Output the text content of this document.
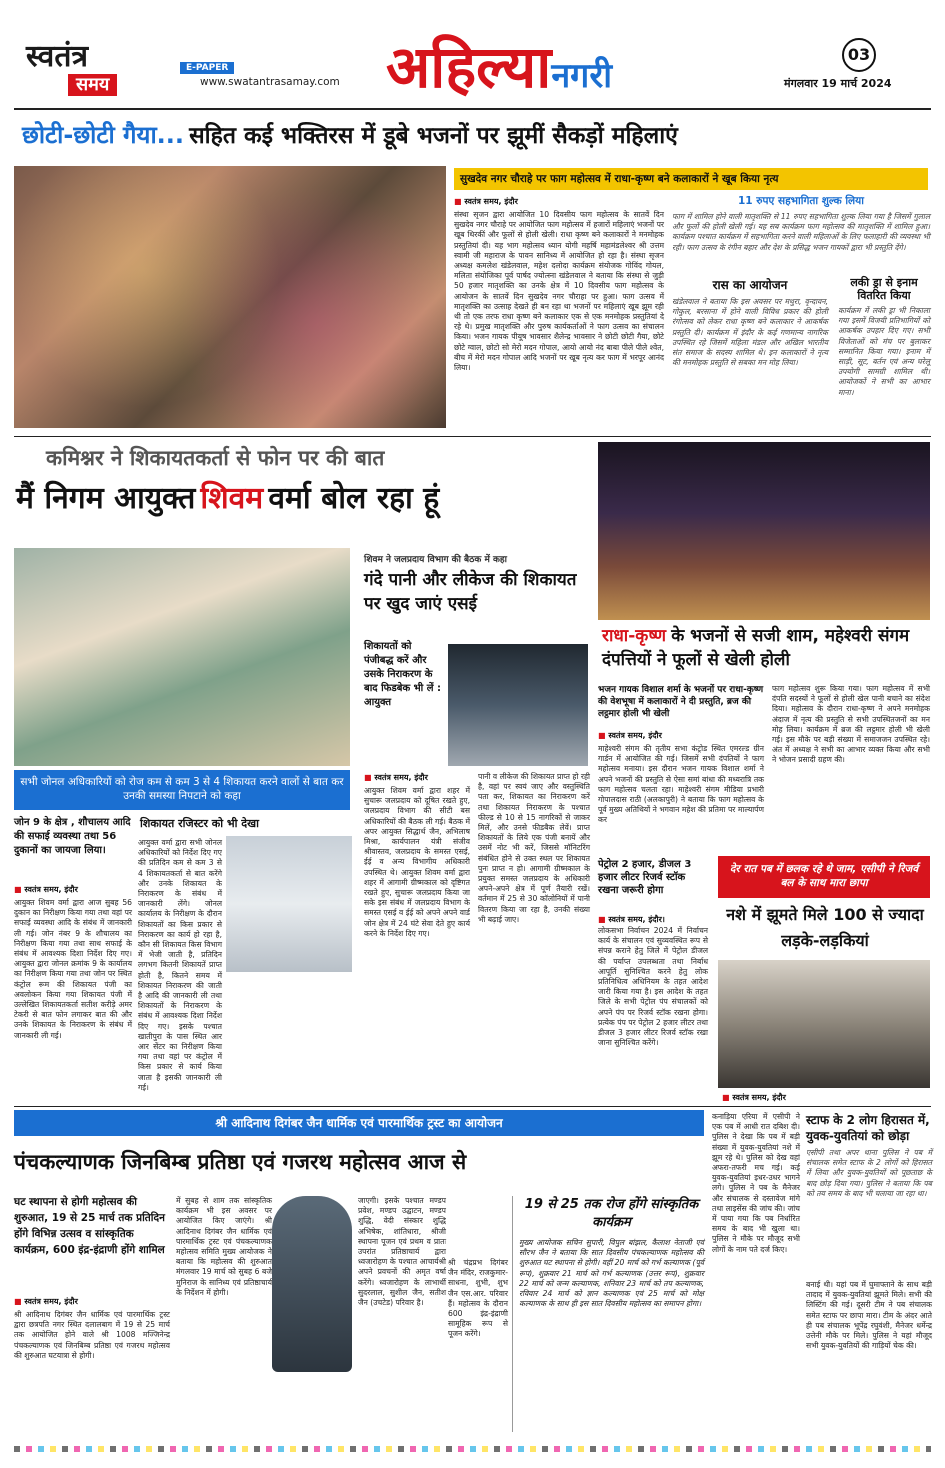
स्वतंत्र
समय
E-PAPER
www.swatantrasamay.com अहिल्यानगरी
03
मंगलवार 19 मार्च 2024
छोटी-छोटी गैया... सहित कई भक्तिरस में डूबे भजनों पर झूमीं सैकड़ों महिलाएं
सुखदेव नगर चौराहे पर फाग महोत्सव में राधा-कृष्ण बने कलाकारों ने खूब किया नृत्य
■ स्वतंत्र समय, इंदौर
संस्था सृजन द्वारा आयोजित 10 दिवसीय फाग महोत्सव के सातवें दिन सुखदेव नगर चौराहे पर आयोजित फाग महोत्सव में हजारों महिलाएं भजनों पर खूब थिरकीं और फूलों से होली खेली। राधा कृष्ण बने कलाकारों ने मनमोहक प्रस्तुतियां दी। यह भाग महोत्सव ध्यान योगी महर्षि महामंडलेश्वर श्री उत्तम स्वामी जी महाराज के पावन सानिध्य में आयोजित हो रहा है। संस्था सृजन अध्यक्ष कमलेश खंडेलवाल, महेश दलोदा कार्यक्रम संयोजक गोविंद गोयल, मलिता संयोजिका पूर्व पार्षद ज्योत्स्ना खंडेलवाल ने बताया कि संस्था से जुड़ी 50 हजार मातृशक्ति का उनके क्षेत्र में 10 दिवसीय फाग महोत्सव के आयोजन के सातवें दिन सुखदेव नगर चौराहा पर हुआ। फाग उत्सव में मातृशक्ति का उत्साह देखते ही बन रहा था भजनों पर महिलाएं खूब झूम रही थी तो एक तरफ राधा कृष्ण बने कलाकार एक से एक मनमोहक प्रस्तुतियां दे रहे थे। प्रमुख मातृशक्ति और पुरुष कार्यकर्ताओं ने फाग उत्सव का संचालन किया। भजन गायक पीयूष भावसार शैलेन्द्र भावसार ने छोटी छोटी गैया, छोटे छोटे ग्वाल, छोटो सो मेरो मदन गोपाल, आयो आयो नंद बाबा पीले पीले श्वेत, बीच में मेरो मदन गोपाल आदि भजनों पर खूब नृत्य कर फाग में भरपूर आनंद लिया।
11 रुपए सहभागिता शुल्क लिया
फाग में शामिल होने वाली मातृशक्ति से 11 रुपए सहभागिता शुल्क लिया गया है जिसमें गुलाल और फूलों की होली खेली गई। यह सब कार्यक्रम फाग महोत्सव की मातृशक्ति में शामिल हुआ। कार्यक्रम पश्चात कार्यक्रम में सहभागिता करने वाली महिलाओं के लिए फलाहारी की व्यवस्था भी रही। फाग उत्सव के रंगीन बहार और देश के प्रसिद्ध भजन गायकों द्वारा भी प्रस्तुति देंगे।
रास का आयोजन
खंडेलवाल ने बताया कि इस अवसर पर मथुरा, वृन्दावन, गोकुल, बरसाना में होने वाली विविध प्रकार की होली रंगोत्सव को लेकर राधा कृष्ण बने कलाकार ने आकर्षक प्रस्तुति दी। कार्यक्रम में इंदौर के कई गणमान्य नागरिक उपस्थित रहे जिसमें महिला मंडल और अखिल भारतीय संत समाज के सदस्य शामिल थे। इन कलाकारों ने नृत्य की मनमोहक प्रस्तुति से सबका मन मोह लिया।
लकी ड्रा से इनाम वितरित किया
कार्यक्रम में लकी ड्रा भी निकाला गया इसमें विजयी प्रतिभागियों को आकर्षक उपहार दिए गए। सभी विजेताओं को मंच पर बुलाकर सम्मानित किया गया। इनाम में साड़ी, सूट, बर्तन एवं अन्य घरेलू उपयोगी सामग्री शामिल थी। आयोजकों ने सभी का आभार माना।
कमिश्नर ने शिकायतकर्ता से फोन पर की बात
मैं निगम आयुक्त शिवम वर्मा बोल रहा हूं
शिवम ने जलप्रदाय विभाग की बैठक में कहा
गंदे पानी और लीकेज की शिकायत पर खुद जाएं एसई
शिकायतों को पंजीबद्ध करें और उसके निराकरण के बाद फिडबेक भी लें : आयुक्त
सभी जोनल अधिकारियों को रोज कम से कम 3 से 4 शिकायत करने वालों से बात कर उनकी समस्या निपटाने को कहा
जोन 9 के क्षेत्र , शौचालय आदि की सफाई व्यवस्था तथा 56 दुकानों का जायजा लिया।
शिकायत रजिस्टर को भी देखा
■ स्वतंत्र समय, इंदौर
आयुक्त शिवम वर्मा द्वारा आज सुबह 56 दुकान का निरीक्षण किया गया तथा वहां पर सफाई व्यवस्था आदि के संबंध में जानकारी ली गई। जोन नंबर 9 के शौचालय का निरीक्षण किया गया तथा साथ सफाई के संबंध में आवश्यक दिशा निर्देश दिए गए। आयुक्त द्वारा जोनल क्रमांक 9 के कार्यालय का निरीक्षण किया गया तथा जोन पर स्थित कंट्रोल रूम की शिकायत पंजी का अवलोकन किया गया शिकायत पंजी में उल्लेखित शिकायतकर्ता सतीश करीड़े अमर टेकरी से बात फोन लगाकर बात की और उनके शिकायत के निराकरण के संबंध में जानकारी ली गई।
आयुक्त वर्मा द्वारा सभी जोनल अधिकारियों को निर्देश दिए गए की प्रतिदिन कम से कम 3 से 4 शिकायतकर्ता से बात करेंगे और उनके शिकायत के निराकरण के संबंध में जानकारी लेंगे। जोनल कार्यालय के निरीक्षण के दौरान शिकायतों का किस प्रकार से निराकरण का कार्य हो रहा है, कौन सी शिकायत किस विभाग में भेजी जाती है, प्रतिदिन लगभग कितनी शिकायतें प्राप्त होती है, कितने समय में शिकायत निराकरण की जाती है आदि की जानकारी ली तथा शिकायतों के निराकरण के संबंध में आवश्यक दिशा निर्देश दिए गए। इसके पश्चात खातीपुरा के पास स्थित आर आर सेंटर का निरीक्षण किया गया तथा वहां पर कंट्रोल में किस प्रकार से कार्य किया जाता है इसकी जानकारी ली गई।
■ स्वतंत्र समय, इंदौर
आयुक्त शिवम वर्मा द्वारा शहर में सुचारू जलप्रदाय को दूषित रखते हुए, जलप्रदाय विभाग की सीटी बस अधिकारियों की बैठक ली गई। बैठक में अपर आयुक्त सिद्धार्थ जैन, अभिलाष मिश्रा, कार्यपालन यंत्री संजीव श्रीवास्तव, जलप्रदाय के समस्त एसई, ईई व अन्य विभागीय अधिकारी उपस्थित थे। आयुक्त शिवम वर्मा द्वारा शहर में आगामी ग्रीष्मकाल को दृष्टिगत रखते हुए, सुचारू जलप्रदाय किया जा सके इस संबंध में जलप्रदाय विभाग के समस्त एसई व ईई को अपने अपने वार्ड जोन क्षेत्र में 24 घंटे सेवा देते हुए कार्य करने के निर्देश दिए गए।
पानी व लीकेज की शिकायत प्राप्त हो रही है, वहां पर स्वयं जाए और वस्तुस्थिति पता कर, शिकायत का निराकरण करें तथा शिकायत निराकरण के पश्चात फील्ड से 10 से 15 नागरिकों से जाकर मिलें, और उनसे फीडबैक लेवें। प्राप्त शिकायतों के लिये एक पंजी बनायें और उसमें नोट भी करें, जिससे मॉनिटरिंग संबंधित होने से उक्त स्थल पर शिकायत पुनः प्राप्त न हो। आगामी ग्रीष्मकाल के प्रयुक्त समस्त जलप्रदाय के अधिकारी अपने-अपने क्षेत्र में पूर्ण तैयारी रखें। वर्तमान में 25 से 30 कॉलोनियों में पानी वितरण किया जा रहा है, उनकी संख्या भी बढ़ाई जाए।
राधा-कृष्ण के भजनों से सजी शाम, महेश्वरी संगम दंपत्तियों ने फूलों से खेली होली
भजन गायक विशाल शर्मा के भजनों पर राधा-कृष्ण की वेशभूषा में कलाकारों ने दी प्रस्तुति, ब्रज की लट्ठमार होली भी खेली
■ स्वतंत्र समय, इंदौर
माहेश्वरी संगम की तृतीय सभा कंट्रोड स्थित एमरल्ड ग्रीन गार्डन में आयोजित की गई। जिसमें सभी दंपतियों ने फाग महोत्सव मनाया। इस दौरान भजन गायक विशाल शर्मा ने अपने भजनों की प्रस्तुति से ऐसा समां बांधा की मध्यरात्रि तक फाग महोत्सव चलता रहा। माहेश्वरी संगम मीडिया प्रभारी गोपालदास राठी (अलकापुरी) ने बताया कि फाग महोत्सव के पूर्व मुख्य अतिथियों ने भगवान महेश की प्रतिमा पर माल्यार्पण कर
फाग महोत्सव शुरू किया गया। फाग महोत्सव में सभी दंपति सदस्यों ने फूलों से होली खेल पानी बचाने का संदेश दिया। महोत्सव के दौरान राधा-कृष्ण ने अपने मनमोहक अंदाज में नृत्य की प्रस्तुति से सभी उपस्थितजनों का मन मोह लिया। कार्यक्रम में ब्रज की लट्ठमार होली भी खेली गई। इस मौके पर बड़ी संख्या में समाजजन उपस्थित रहे। अंत में अध्यक्ष ने सभी का आभार व्यक्त किया और सभी ने भोजन प्रसादी ग्रहण की।
पेट्रोल 2 हजार, डीजल 3 हजार लीटर रिजर्व स्टॉक रखना जरूरी होगा
■ स्वतंत्र समय, इंदौर।
लोकसभा निर्वाचन 2024 में निर्वाचन कार्य के संचालन एवं सुव्यवस्थित रूप से संपन्न कराने हेतु जिले में पेट्रोल डीजल की पर्याप्त उपलब्धता तथा निर्बाध आपूर्ति सुनिश्चित करने हेतु लोक प्रतिनिधित्व अधिनियम के तहत आदेश जारी किया गया है। इस आदेश के तहत जिले के सभी पेट्रोल पंप संचालकों को अपने पंप पर रिजर्व स्टॉक रखना होगा। प्रत्येक पंप पर पेट्रोल 2 हजार लीटर तथा डीजल 3 हजार लीटर रिजर्व स्टॉक रखा जाना सुनिश्चित करेंगे।
देर रात पब में छलक रहे थे जाम, एसीपी ने रिजर्व बल के साथ मारा छापा
नशे में झूमते मिले 100 से ज्यादा लड़के-लड़कियां
■ स्वतंत्र समय, इंदौर
श्री आदिनाथ दिगंबर जैन धार्मिक एवं पारमार्थिक ट्रस्ट का आयोजन
पंचकल्याणक जिनबिम्ब प्रतिष्ठा एवं गजरथ महोत्सव आज से
घट स्थापना से होगी महोत्सव की शुरुआत, 19 से 25 मार्च तक प्रतिदिन होंगे विभिन्न उत्सव व सांस्कृतिक कार्यक्रम, 600 इंद्र-इंद्राणी होंगे शामिल
■ स्वतंत्र समय, इंदौर
श्री आदिनाथ दिगंबर जैन धार्मिक एवं पारमार्थिक ट्रस्ट द्वारा छत्रपति नगर स्थित दलालबाग में 19 से 25 मार्च तक आयोजित होने वाले श्री 1008 मज्जिनेन्द्र पंचकल्याणक एवं जिनबिम्ब प्रतिष्ठा एवं गजरथ महोत्सव की शुरुआत घटयात्रा से होगी।
में सुबह से शाम तक सांस्कृतिक कार्यक्रम भी इस अवसर पर आयोजित किए जाएंगे। श्री आदिनाथ दिगंबर जैन धार्मिक एवं पारमार्थिक ट्रस्ट एवं पंचकल्याणक महोत्सव समिति मुख्य आयोजक ने बताया कि महोत्सव की शुरुआत मंगलवार 19 मार्च को सुबह 6 बजे मुनिराज के सानिध्य एवं प्रतिष्ठाचार्य के निर्देशन में होगी।
जाएगी। इसके पश्चात मण्डप प्रवेश, मण्डप उद्घाटन, मण्डप शुद्धि, वेदी संस्कार शुद्धि अभिषेक, शांतिधारा, श्रीजी स्थापना पूजन एवं प्रथम व प्रातः उपरांत प्रतिष्ठाचार्य द्वारा ध्वजारोहण के पश्चात आचार्यश्री अपने प्रवचनों की अमृत वर्षा करेंगे। ध्वजारोहण के लाभार्थी सुदरलाल, सुशील जैन, सतीश जैन (उचटेड) परिवार है।
श्री चंद्रप्रभ दिगंबर जैन मंदिर, राजकुमार-साधना, शुभी, शुभ जैन एस.आर. परिवार हैं। महोत्सव के दौरान 600 इंद्र-इंद्राणी सामूहिक रूप से पूजन करेंगे।
19 से 25 तक रोज होंगे सांस्कृतिक कार्यक्रम
मुख्य आयोजक सचिन सुपारी, विपुल बांझल, कैलाश नेताजी एवं सौरभ जैन ने बताया कि सात दिवसीय पंचकल्याणक महोत्सव की शुरुआत घट स्थापना से होगी। वहीं 20 मार्च को गर्भ कल्याणक (पूर्व रूप), शुक्रवार 21 मार्च को गर्भ कल्याणक (उत्तर रूप), शुक्रवार 22 मार्च को जन्म कल्याणक, शनिवार 23 मार्च को तप कल्याणक, रविवार 24 मार्च को ज्ञान कल्याणक एवं 25 मार्च को मोक्ष कल्याणक के साथ ही इस सात दिवसीय महोत्सव का समापन होगा।
कनाड़िया एरिया में एसीपी ने एक पब में आधी रात दबिश दी। पुलिस ने देखा कि पब में बड़ी संख्या में युवक-युवतियां नशे में झूम रहे थे। पुलिस को देख वहां अफरा-तफरी मच गई। कई युवक-युवतियां इधर-उधर भागने लगे। पुलिस ने पब के मैनेजर और संचालक से दस्तावेज मांगे तथा लाइसेंस की जांच की। जांच में पाया गया कि पब निर्धारित समय के बाद भी खुला था। पुलिस ने मौके पर मौजूद सभी लोगों के नाम पते दर्ज किए।
स्टाफ के 2 लोग हिरासत में, युवक-युवतियां को छोड़ा
एसीपी तथा अपर थाना पुलिस ने पब में संचालक समेत स्टाफ के 2 लोगों को हिरासत में लिया और युवक-युवतियों को पूछताछ के बाद छोड़ दिया गया। पुलिस ने बताया कि पब को तय समय के बाद भी चलाया जा रहा था।
बनाई थी। यहां पब में घुमाफ्ताने के साथ बड़ी तादाद में युवक-युवतियां झूमते मिले। सभी की लिस्टिंग की गई। दूसरी टीम ने पब संचालक समेत स्टाफ पर छापा मारा। टीम के अंदर आते ही पब संचालक भूपेंद्र रघुवंशी, मैनेजर धर्मेन्द्र उत्तेनी मौके पर मिले। पुलिस ने यहां मौजूद सभी युवक-युवतियों की गाड़ियों चेक की।
